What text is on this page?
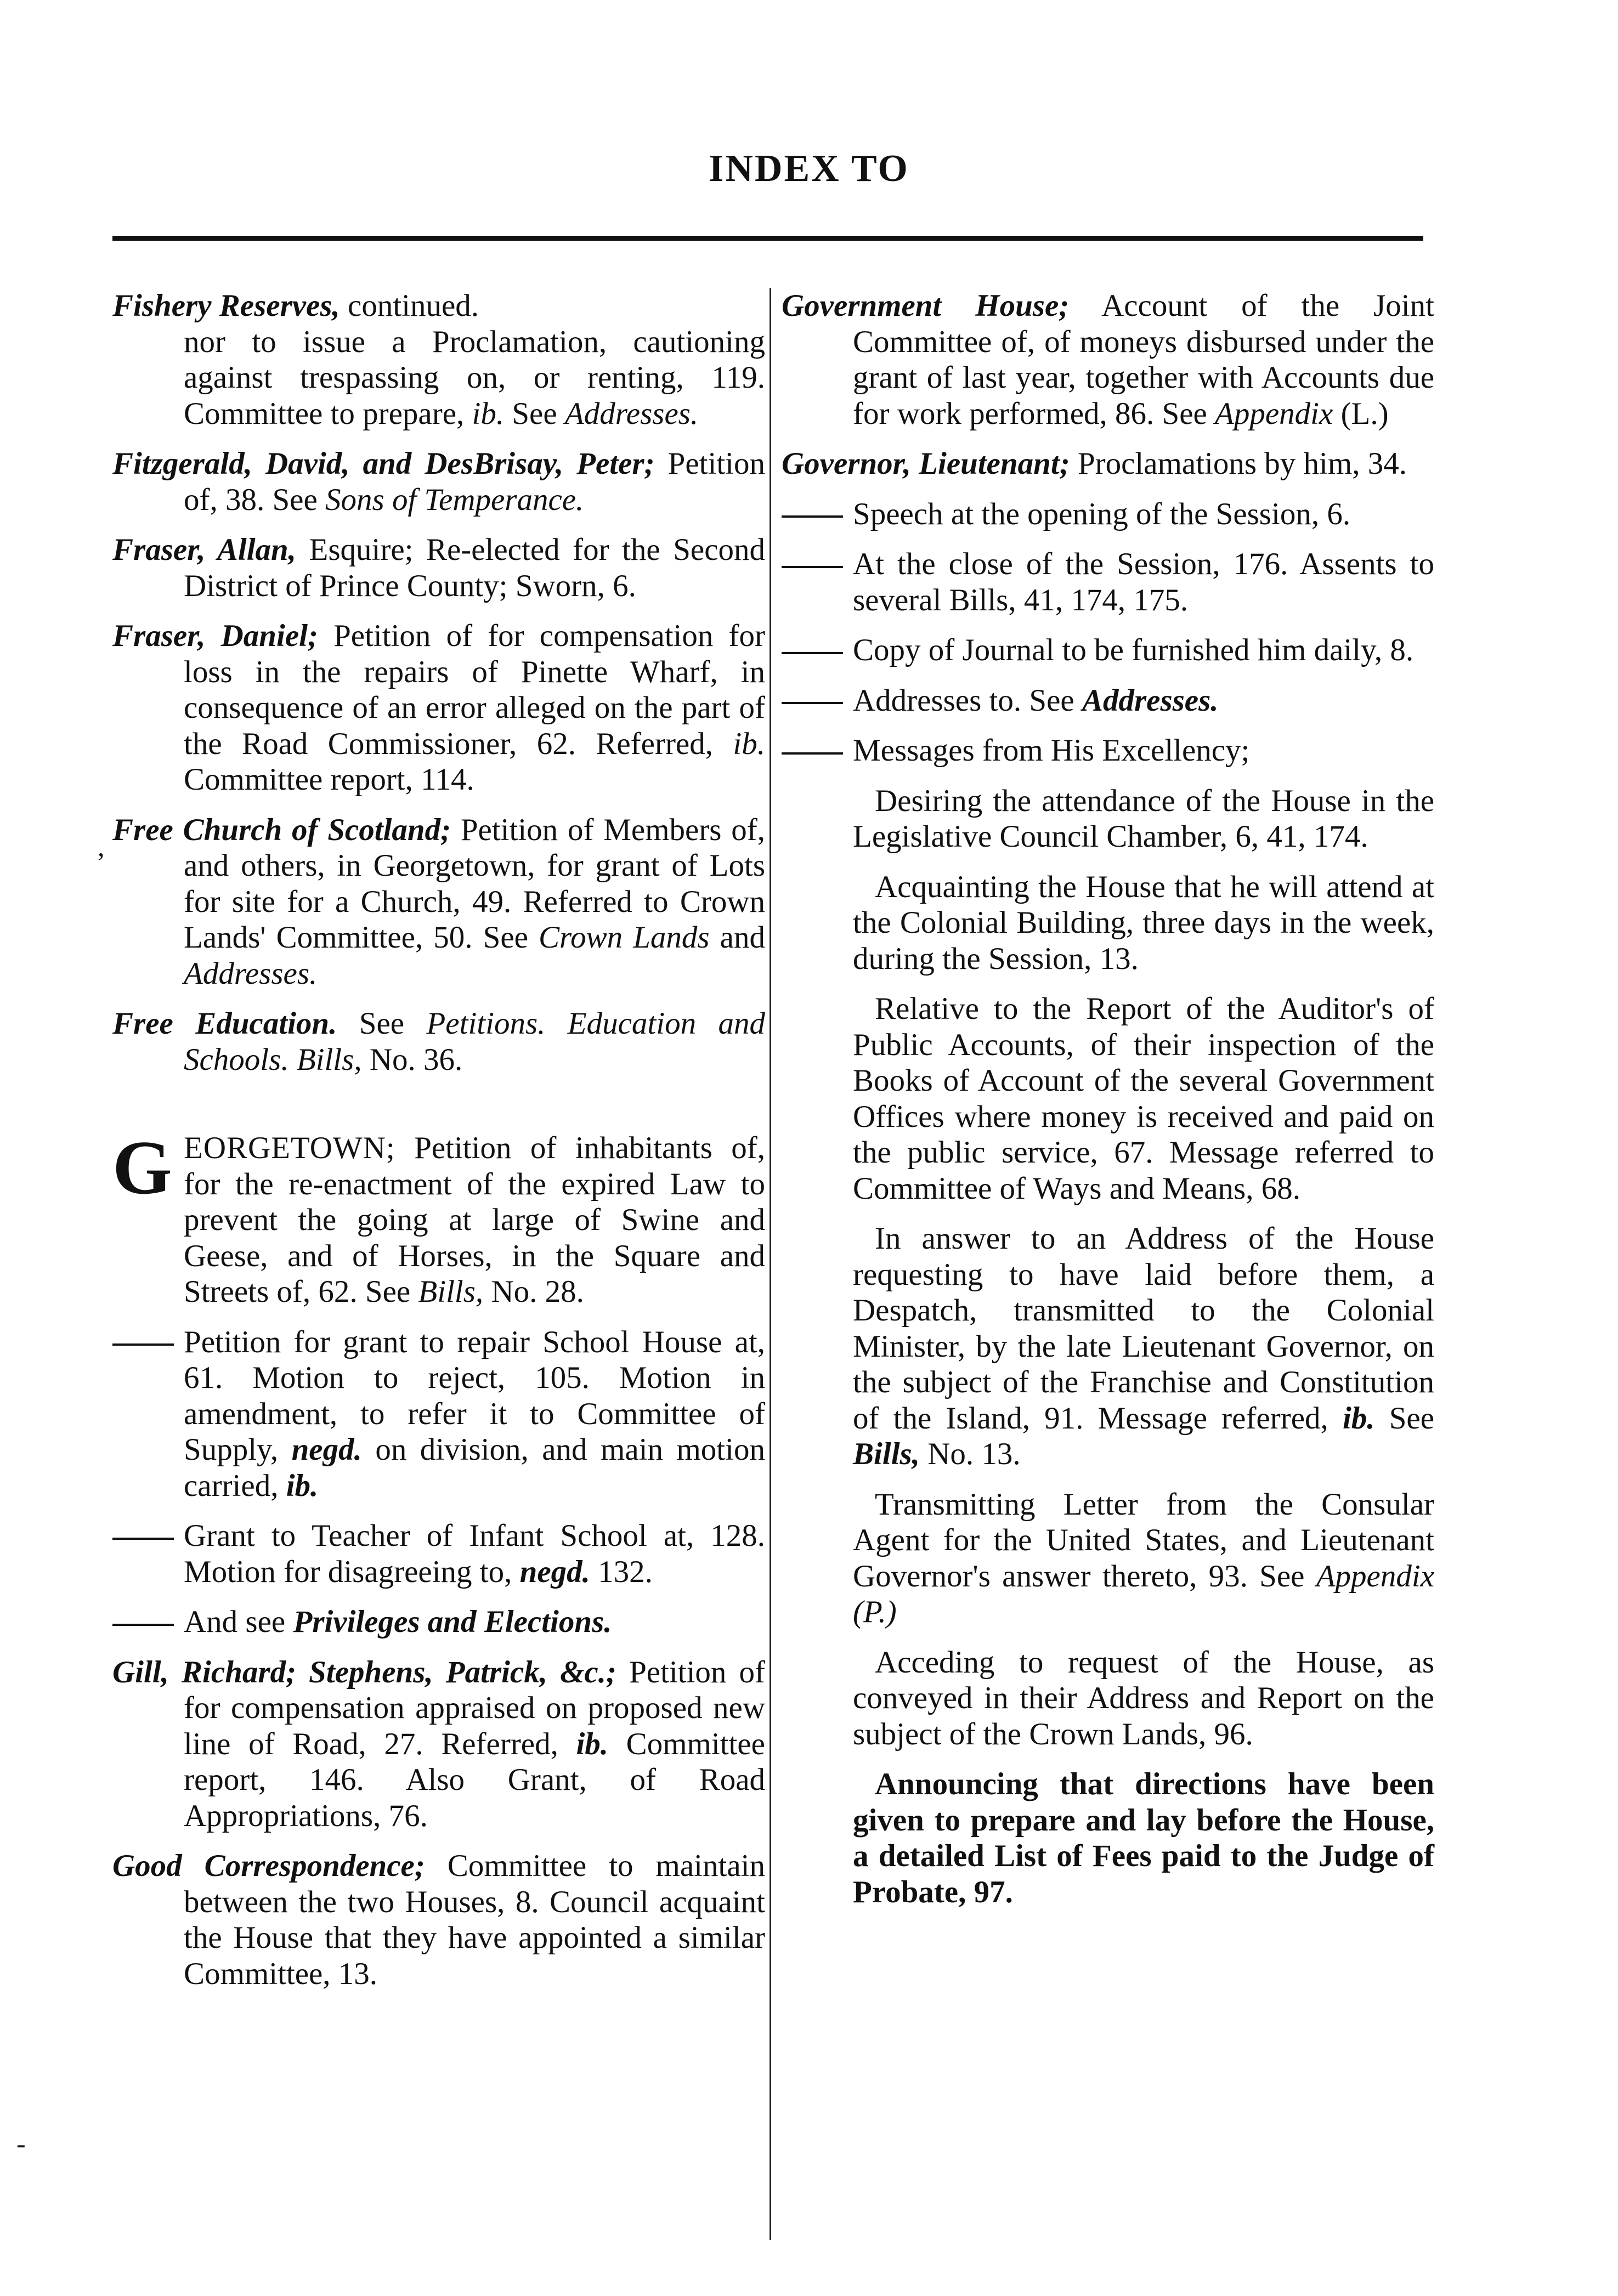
INDEX TO
Fishery Reserves, continued.
nor to issue a Proclamation, cautioning against trespassing on, or renting, 119. Committee to prepare, ib. See Addresses.
Fitzgerald, David, and DesBrisay, Peter; Petition of, 38. See Sons of Temperance.
Fraser, Allan, Esquire; Re-elected for the Second District of Prince County; Sworn, 6.
Fraser, Daniel; Petition of for compensation for loss in the repairs of Pinette Wharf, in consequence of an error alleged on the part of the Road Commissioner, 62. Referred, ib. Committee report, 114.
Free Church of Scotland; Petition of Members of, and others, in Georgetown, for grant of Lots for site for a Church, 49. Referred to Crown Lands' Committee, 50. See Crown Lands and Addresses.
Free Education. See Petitions. Education and Schools. Bills, No. 36.
G EORGETOWN; Petition of inhabitants of, for the re-enactment of the expired Law to prevent the going at large of Swine and Geese, and of Horses, in the Square and Streets of, 62. See Bills, No. 28.
Petition for grant to repair School House at, 61. Motion to reject, 105. Motion in amendment, to refer it to Committee of Supply, negd. on division, and main motion carried, ib.
Grant to Teacher of Infant School at, 128. Motion for disagreeing to, negd. 132.
And see Privileges and Elections.
Gill, Richard; Stephens, Patrick, &c.; Petition of for compensation appraised on proposed new line of Road, 27. Referred, ib. Committee report, 146. Also Grant, of Road Appropriations, 76.
Good Correspondence; Committee to maintain between the two Houses, 8. Council acquaint the House that they have appointed a similar Committee, 13.
Government House; Account of the Joint Committee of, of moneys disbursed under the grant of last year, together with Accounts due for work performed, 86. See Appendix (L.)
Governor, Lieutenant; Proclamations by him, 34.
Speech at the opening of the Session, 6.
At the close of the Session, 176. Assents to several Bills, 41, 174, 175.
Copy of Journal to be furnished him daily, 8.
Addresses to. See Addresses.
Messages from His Excellency;
Desiring the attendance of the House in the Legislative Council Chamber, 6, 41, 174.
Acquainting the House that he will attend at the Colonial Building, three days in the week, during the Session, 13.
Relative to the Report of the Auditor's of Public Accounts, of their inspection of the Books of Account of the several Government Offices where money is received and paid on the public service, 67. Message referred to Committee of Ways and Means, 68.
In answer to an Address of the House requesting to have laid before them, a Despatch, transmitted to the Colonial Minister, by the late Lieutenant Governor, on the subject of the Franchise and Constitution of the Island, 91. Message referred, ib. See Bills, No. 13.
Transmitting Letter from the Consular Agent for the United States, and Lieutenant Governor's answer thereto, 93. See Appendix (P.)
Acceding to request of the House, as conveyed in their Address and Report on the subject of the Crown Lands, 96.
Announcing that directions have been given to prepare and lay before the House, a detailed List of Fees paid to the Judge of Probate, 97.
,
-
